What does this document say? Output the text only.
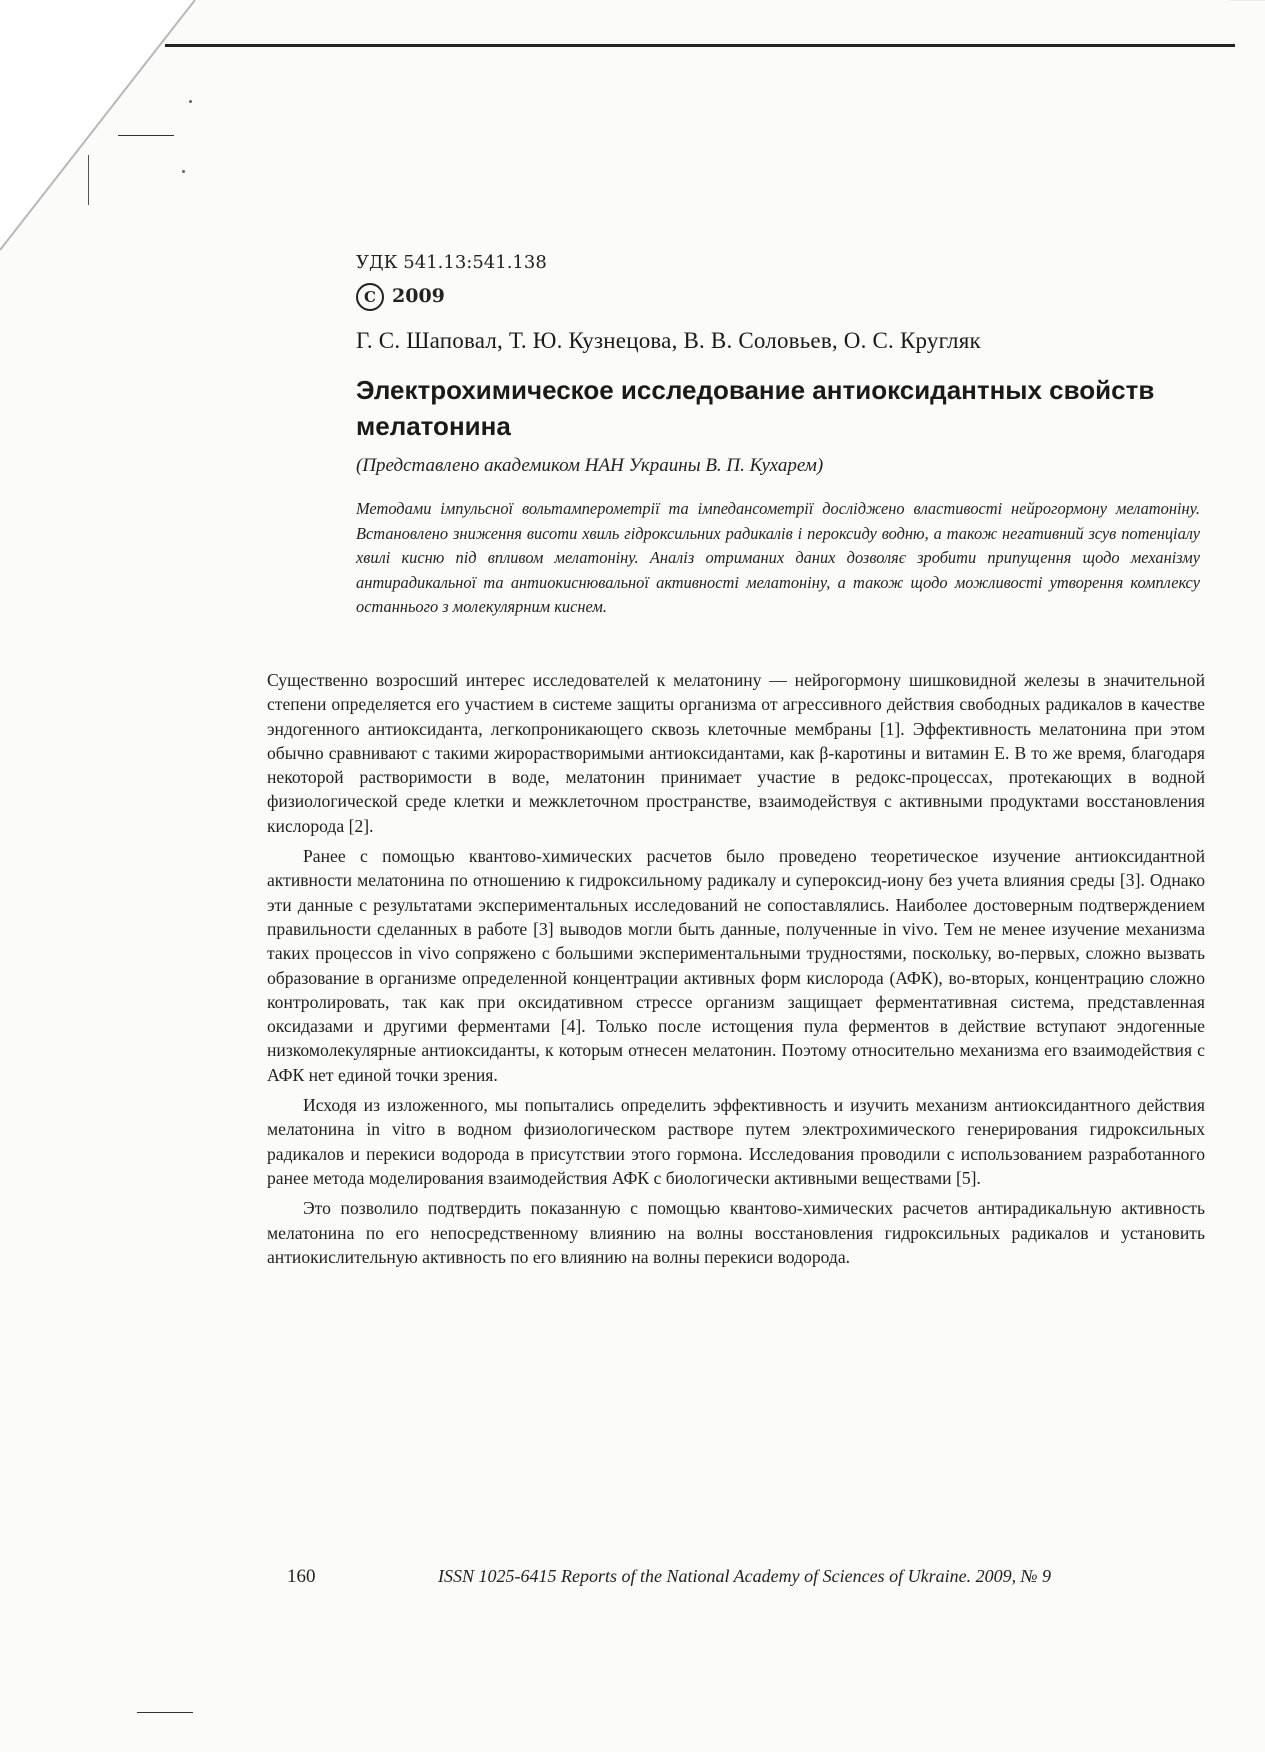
УДК 541.13:541.138
C 2009
Г. С. Шаповал, Т. Ю. Кузнецова, В. В. Соловьев, О. С. Кругляк
Электрохимическое исследование антиоксидантных свойств мелатонина
(Представлено академиком НАН Украины В. П. Кухарем)
Методами імпульсної вольтамперометрії та імпедансометрії досліджено властивості нейрогормону мелатоніну. Встановлено зниження висоти хвиль гідроксильних радикалів і пероксиду водню, а також негативний зсув потенціалу хвилі кисню під впливом мелатоніну. Аналіз отриманих даних дозволяє зробити припущення щодо механізму антирадикальної та антиокиснювальної активності мелатоніну, а також щодо можливості утворення комплексу останнього з молекулярним киснем.

Существенно возросший интерес исследователей к мелатонину — нейрогормону шишковидной железы в значительной степени определяется его участием в системе защиты организма от агрессивного действия свободных радикалов в качестве эндогенного антиоксиданта, легкопроникающего сквозь клеточные мембраны [1]. Эффективность мелатонина при этом обычно сравнивают с такими жирорастворимыми антиоксидантами, как β-каротины и витамин Е. В то же время, благодаря некоторой растворимости в воде, мелатонин принимает участие в редокс-процессах, протекающих в водной физиологической среде клетки и межклеточном пространстве, взаимодействуя с активными продуктами восстановления кислорода [2].

Ранее с помощью квантово-химических расчетов было проведено теоретическое изучение антиоксидантной активности мелатонина по отношению к гидроксильному радикалу и супероксид-иону без учета влияния среды [3]. Однако эти данные с результатами экспериментальных исследований не сопоставлялись. Наиболее достоверным подтверждением правильности сделанных в работе [3] выводов могли быть данные, полученные in vivo. Тем не менее изучение механизма таких процессов in vivo сопряжено с большими экспериментальными трудностями, поскольку, во-первых, сложно вызвать образование в организме определенной концентрации активных форм кислорода (АФК), во-вторых, концентрацию сложно контролировать, так как при оксидативном стрессе организм защищает ферментативная система, представленная оксидазами и другими ферментами [4]. Только после истощения пула ферментов в действие вступают эндогенные низкомолекулярные антиоксиданты, к которым отнесен мелатонин. Поэтому относительно механизма его взаимодействия с АФК нет единой точки зрения.

Исходя из изложенного, мы попытались определить эффективность и изучить механизм антиоксидантного действия мелатонина in vitro в водном физиологическом растворе путем электрохимического генерирования гидроксильных радикалов и перекиси водорода в присутствии этого гормона. Исследования проводили с использованием разработанного ранее метода моделирования взаимодействия АФК с биологически активными веществами [5].

Это позволило подтвердить показанную с помощью квантово-химических расчетов антирадикальную активность мелатонина по его непосредственному влиянию на волны восстановления гидроксильных радикалов и установить антиокислительную активность по его влиянию на волны перекиси водорода.

160	ISSN 1025-6415 Reports of the National Academy of Sciences of Ukraine. 2009, № 9
